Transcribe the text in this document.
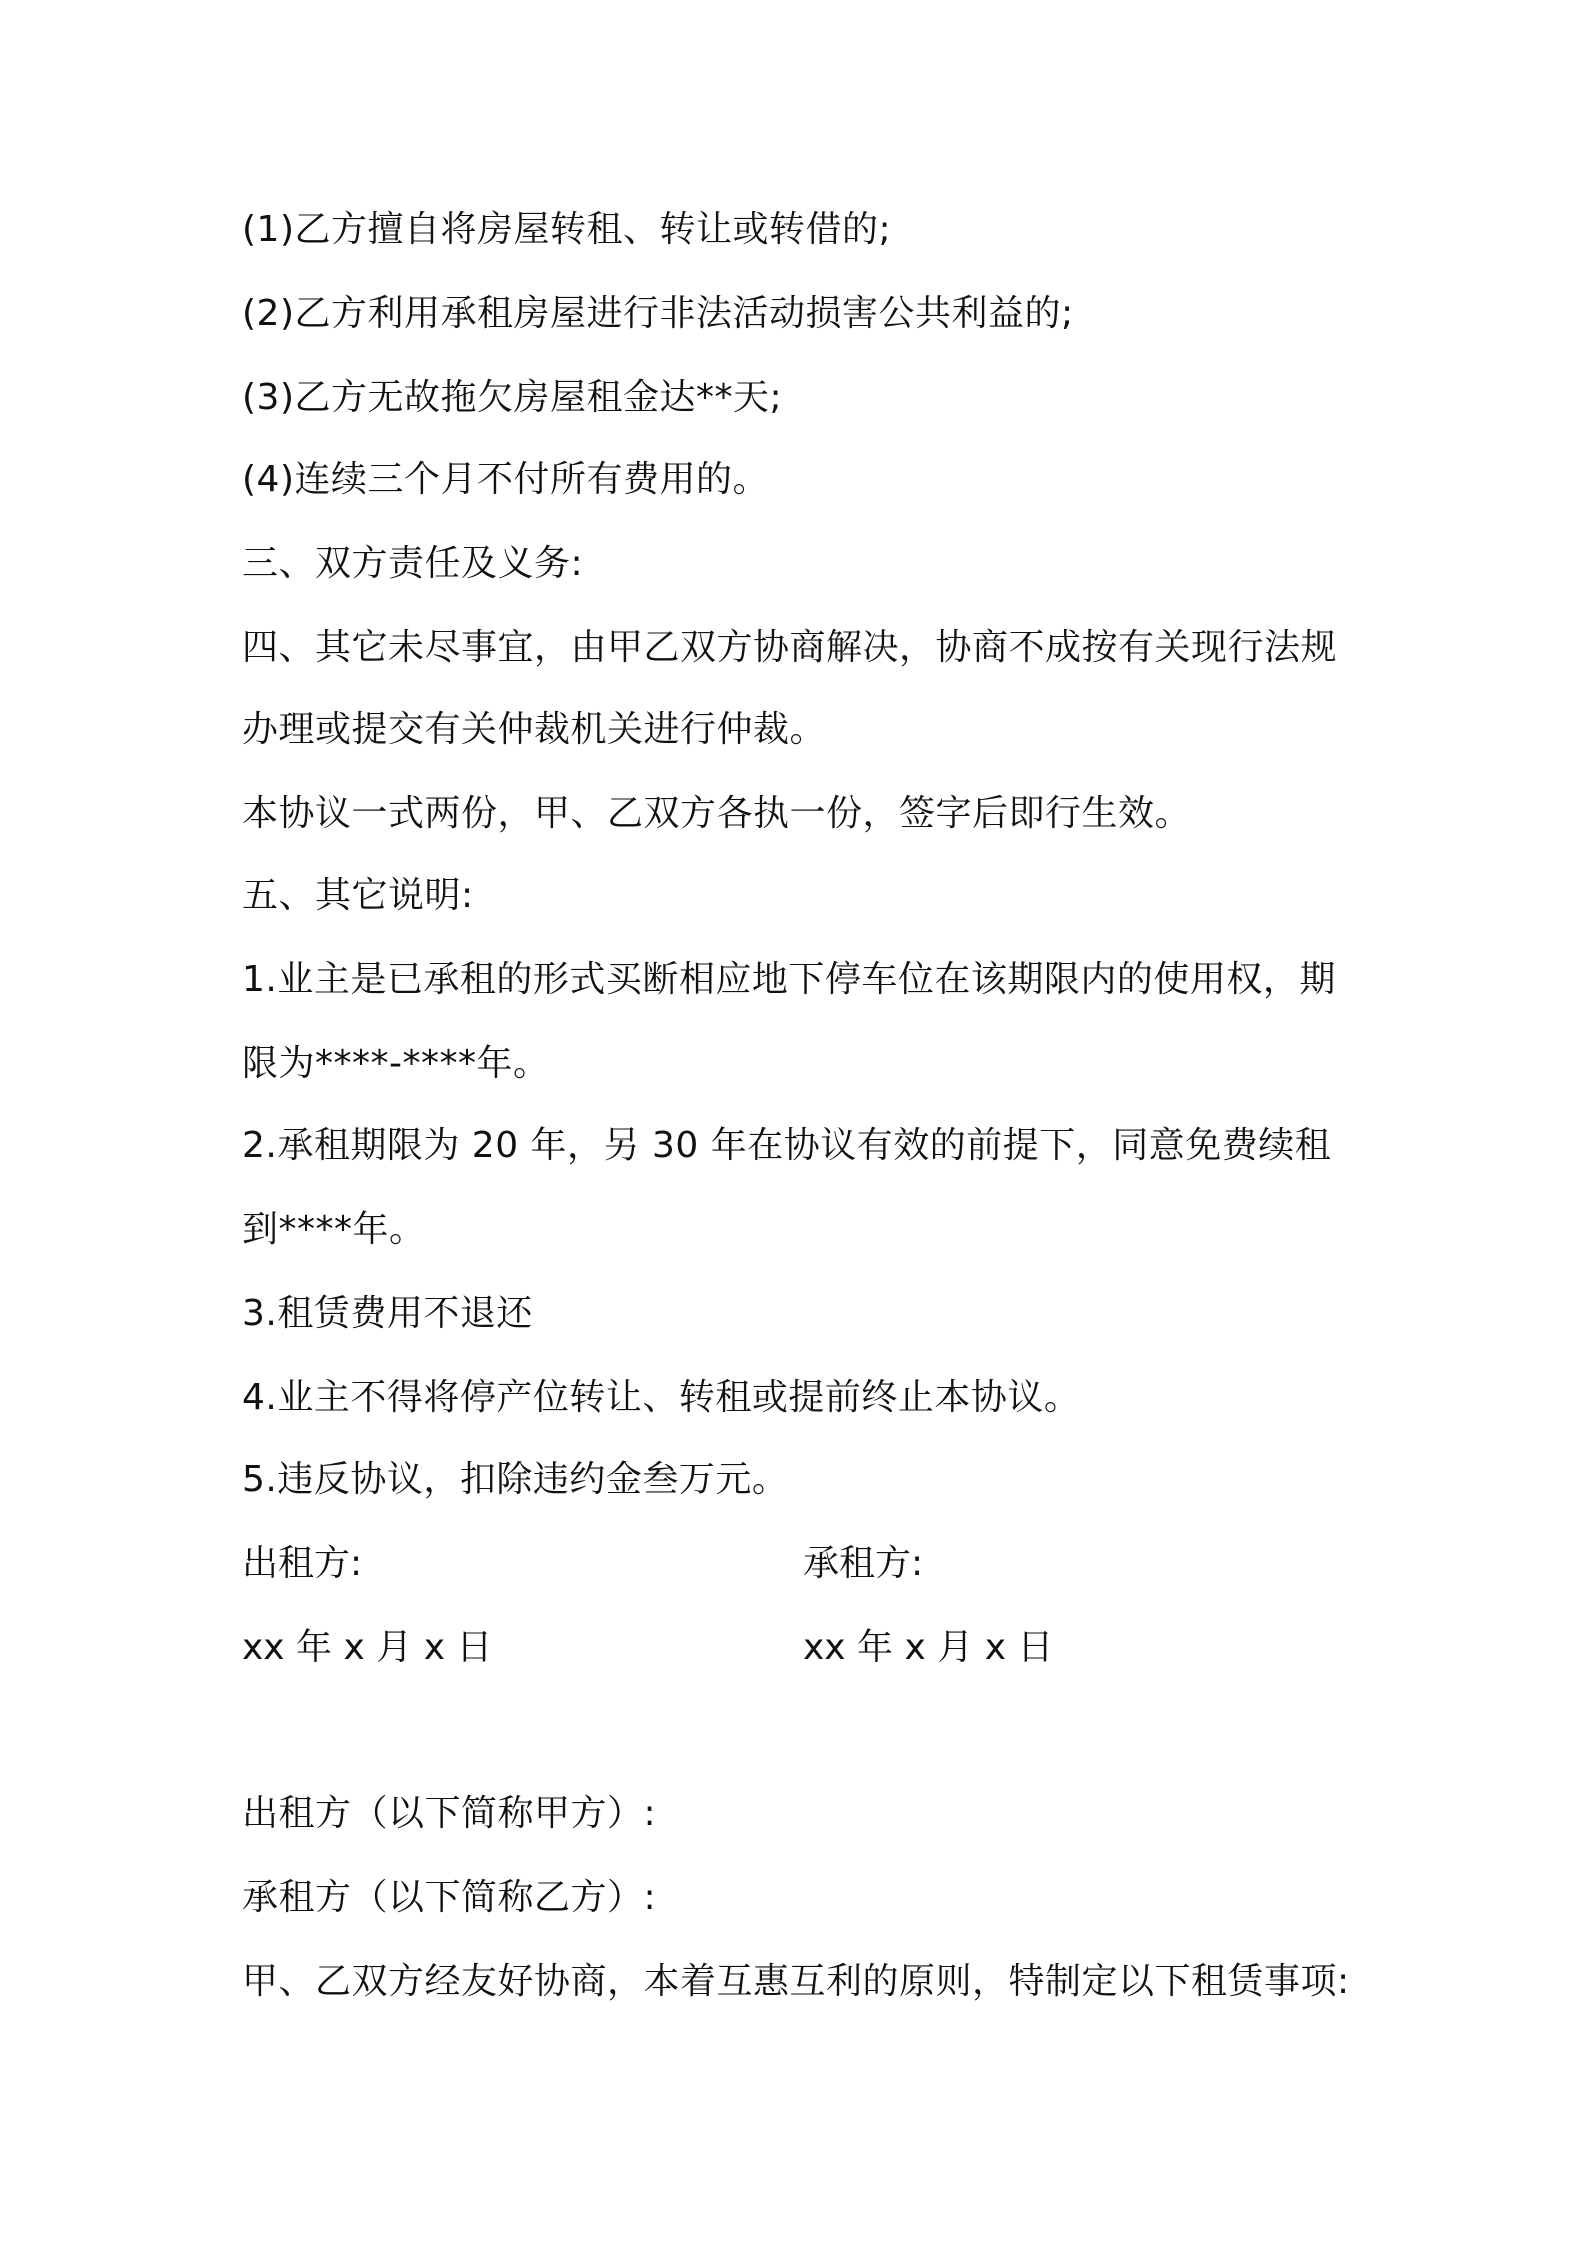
(1)乙方擅自将房屋转租、转让或转借的;
(2)乙方利用承租房屋进行非法活动损害公共利益的;
(3)乙方无故拖欠房屋租金达**天;
(4)连续三个月不付所有费用的。
三、双方责任及义务:
四、其它未尽事宜，由甲乙双方协商解决，协商不成按有关现行法规
办理或提交有关仲裁机关进行仲裁。
本协议一式两份，甲、乙双方各执一份，签字后即行生效。
五、其它说明:
1.业主是已承租的形式买断相应地下停车位在该期限内的使用权，期
限为****-****年。
2.承租期限为 20 年，另 30 年在协议有效的前提下，同意免费续租
到****年。
3.租赁费用不退还
4.业主不得将停产位转让、转租或提前终止本协议。
5.违反协议，扣除违约金叁万元。
出租方:	承租方:
xx 年 x 月 x 日	xx 年 x 月 x 日
出租方（以下简称甲方）:
承租方（以下简称乙方）:
甲、乙双方经友好协商，本着互惠互利的原则，特制定以下租赁事项:
